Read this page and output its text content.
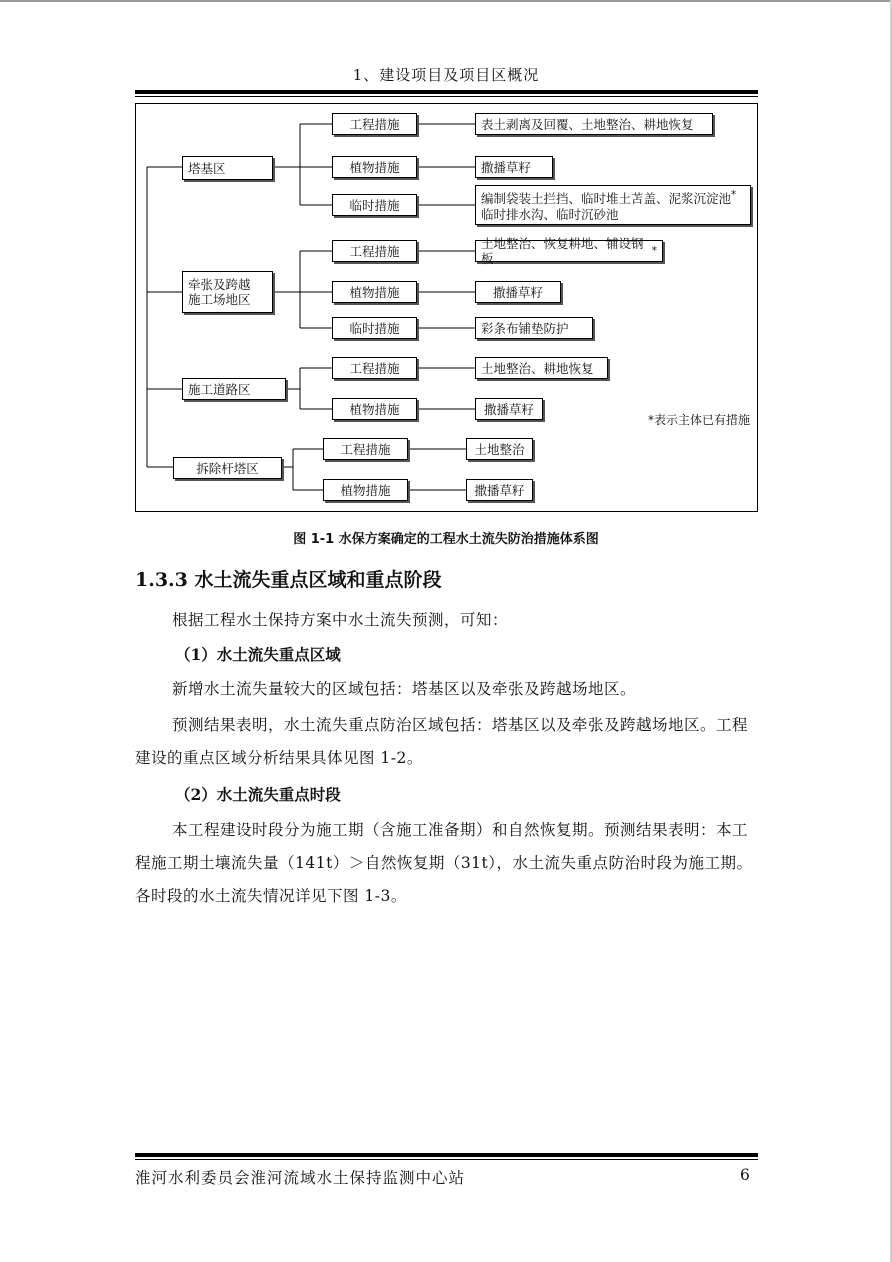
1、建设项目及项目区概况
塔基区
牵张及跨越
施工场地区
施工道路区
拆除杆塔区
工程措施
植物措施
临时措施
工程措施
植物措施
临时措施
工程措施
植物措施
工程措施
植物措施
表土剥离及回覆、土地整治、耕地恢复
撒播草籽
编制袋装土拦挡、临时堆土苫盖、泥浆沉淀池*
临时排水沟、临时沉砂池
土地整治、恢复耕地、铺设钢板
*
撒播草籽
彩条布铺垫防护
土地整治、耕地恢复
撒播草籽
土地整治
撒播草籽
*表示主体已有措施
图 1-1 水保方案确定的工程水土流失防治措施体系图
1.3.3 水土流失重点区域和重点阶段
根据工程水土保持方案中水土流失预测，可知：
（1）水土流失重点区域
新增水土流失量较大的区域包括：塔基区以及牵张及跨越场地区。
预测结果表明，水土流失重点防治区域包括：塔基区以及牵张及跨越场地区。工程建设的重点区域分析结果具体见图 1-2。
（2）水土流失重点时段
本工程建设时段分为施工期（含施工准备期）和自然恢复期。预测结果表明：本工程施工期土壤流失量（141t）＞自然恢复期（31t），水土流失重点防治时段为施工期。各时段的水土流失情况详见下图 1-3。
淮河水利委员会淮河流域水土保持监测中心站	6
